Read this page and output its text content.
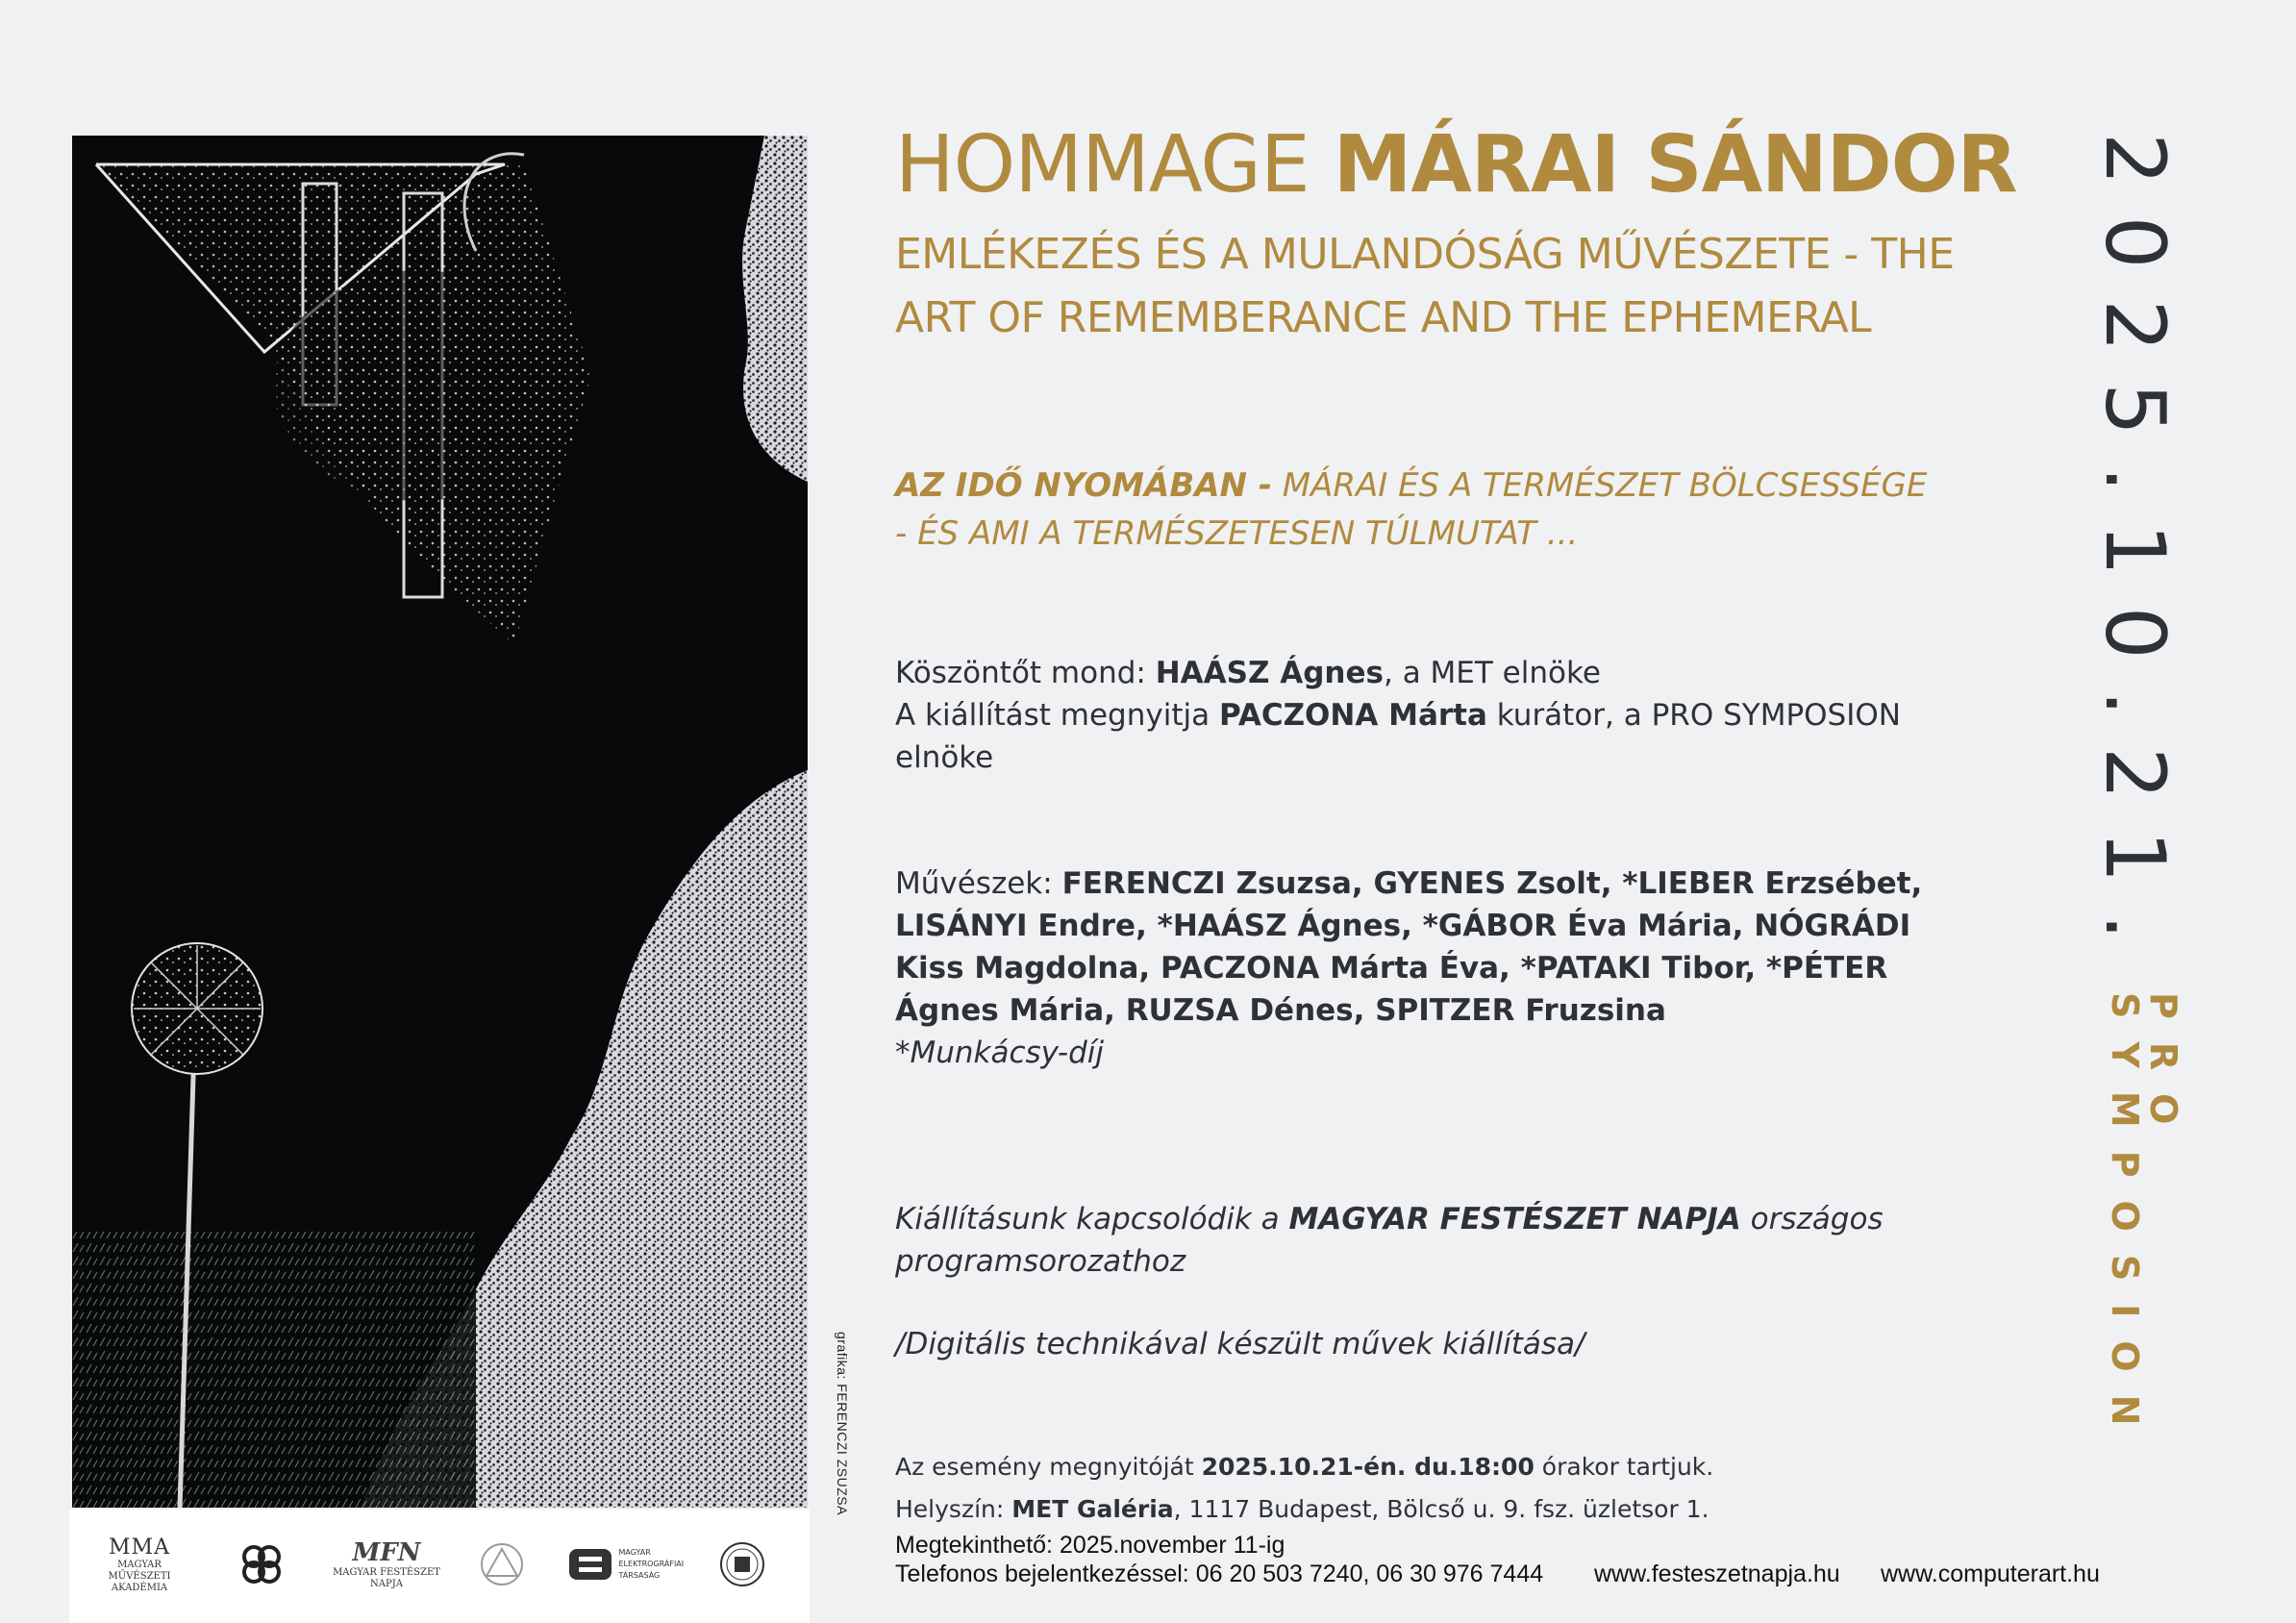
grafika: FERENCZI ZSUZSA
MMA
MAGYAR MŰVÉSZETI AKADÉMIA
MFN
MAGYAR FESTÉSZET NAPJA
MAGYAR ELEKTROGRÁFIAI TÁRSASÁG
HOMMAGE MÁRAI SÁNDOR
EMLÉKEZÉS ÉS A MULANDÓSÁG MŰVÉSZETE - THE ART OF REMEMBERANCE AND THE EPHEMERAL
AZ IDŐ NYOMÁBAN - MÁRAI ÉS A TERMÉSZET BÖLCSESSÉGE
- ÉS AMI A TERMÉSZETESEN TÚLMUTAT ...
Köszöntőt mond: HAÁSZ Ágnes, a MET elnöke
A kiállítást megnyitja PACZONA Márta kurátor, a PRO SYMPOSION elnöke
Művészek: FERENCZI Zsuzsa, GYENES Zsolt, *LIEBER Erzsébet, LISÁNYI Endre, *HAÁSZ Ágnes, *GÁBOR Éva Mária, NÓGRÁDI Kiss Magdolna, PACZONA Márta Éva, *PATAKI Tibor, *PÉTER Ágnes Mária, RUZSA Dénes, SPITZER Fruzsina
*Munkácsy-díj
Kiállításunk kapcsolódik a MAGYAR FESTÉSZET NAPJA országos programsorozathoz
/Digitális technikával készült művek kiállítása/
Az esemény megnyitóját 2025.10.21-én. du.18:00 órakor tartjuk.
Helyszín: MET Galéria, 1117 Budapest, Bölcső u. 9. fsz. üzletsor 1.
Megtekinthető: 2025.november 11-ig
Telefonos bejelentkezéssel: 06 20 503 7240, 06 30 976 7444	www.festeszetnapja.hu www.computerart.hu
2025.10.21.
PRO SYMPOSION
